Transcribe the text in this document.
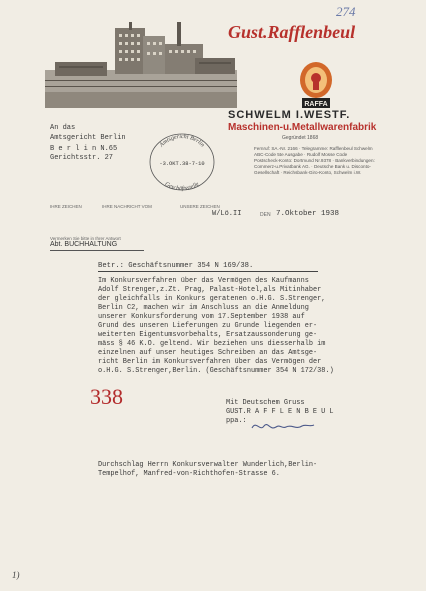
Gust.Rafflenbeul
274
RAFFA
SCHWELM I.WESTF.
Maschinen-u.Metallwarenfabrik
Gegründet 1868
Fernruf: SA.-Nr. 2166 · Telegramme: Rafflenbeul Schwelm
ABC-Code 5te Ausgabe · Rudolf Mosse Code
Postscheck-Konto: Dortmund Nr.9378 · Bankverbindungen:
Commerz-u.Privatbank AG. · Deutsche Bank u. Disconto-
Gesellschaft · Reichsbank-Giro-Konto, Schwelm i.W.
An das
Amtsgericht Berlin
B e r l i n N.65
Gerichtsstr. 27
Amtsgericht Berlin
-3.OKT.38-7-10
Geschäftsstelle
IHRE ZEICHEN	IHRE NACHRICHT VOM	UNSERE ZEICHEN
W/Lö.II	DEN 7.Oktober 1938
Vermerken Sie bitte in Ihrer Antwort
Abt. BUCHHALTUNG
Betr.: Geschäftsnummer 354 N 169/38.
Im Konkursverfahren über das Vermögen des Kaufmanns
Adolf Strenger,z.Zt. Prag, Palast-Hotel,als Mitinhaber
der gleichfalls in Konkurs geratenen o.H.G. S.Strenger,
Berlin C2, machen wir im Anschluss an die Anmeldung
unserer Konkursforderung vom 17.September 1938 auf
Grund des unseren Lieferungen zu Grunde liegenden er-
weiterten Eigentumsvorbehalts, Ersatzaussonderung ge-
mäss § 46 K.O. geltend. Wir beziehen uns diesserhalb im
einzelnen auf unser heutiges Schreiben an das Amtsge-
richt Berlin im Konkursverfahren über das Vermögen der
o.H.G. S.Strenger,Berlin. (Geschäftsnummer 354 N 172/38.)
338	Mit Deutschem Gruss
GUST.R A F F L E N B E U L
ppa.:
Durchschlag Herrn Konkursverwalter Wunderlich,Berlin-
Tempelhof, Manfred-von-Richthofen-Strasse 6.
1)
